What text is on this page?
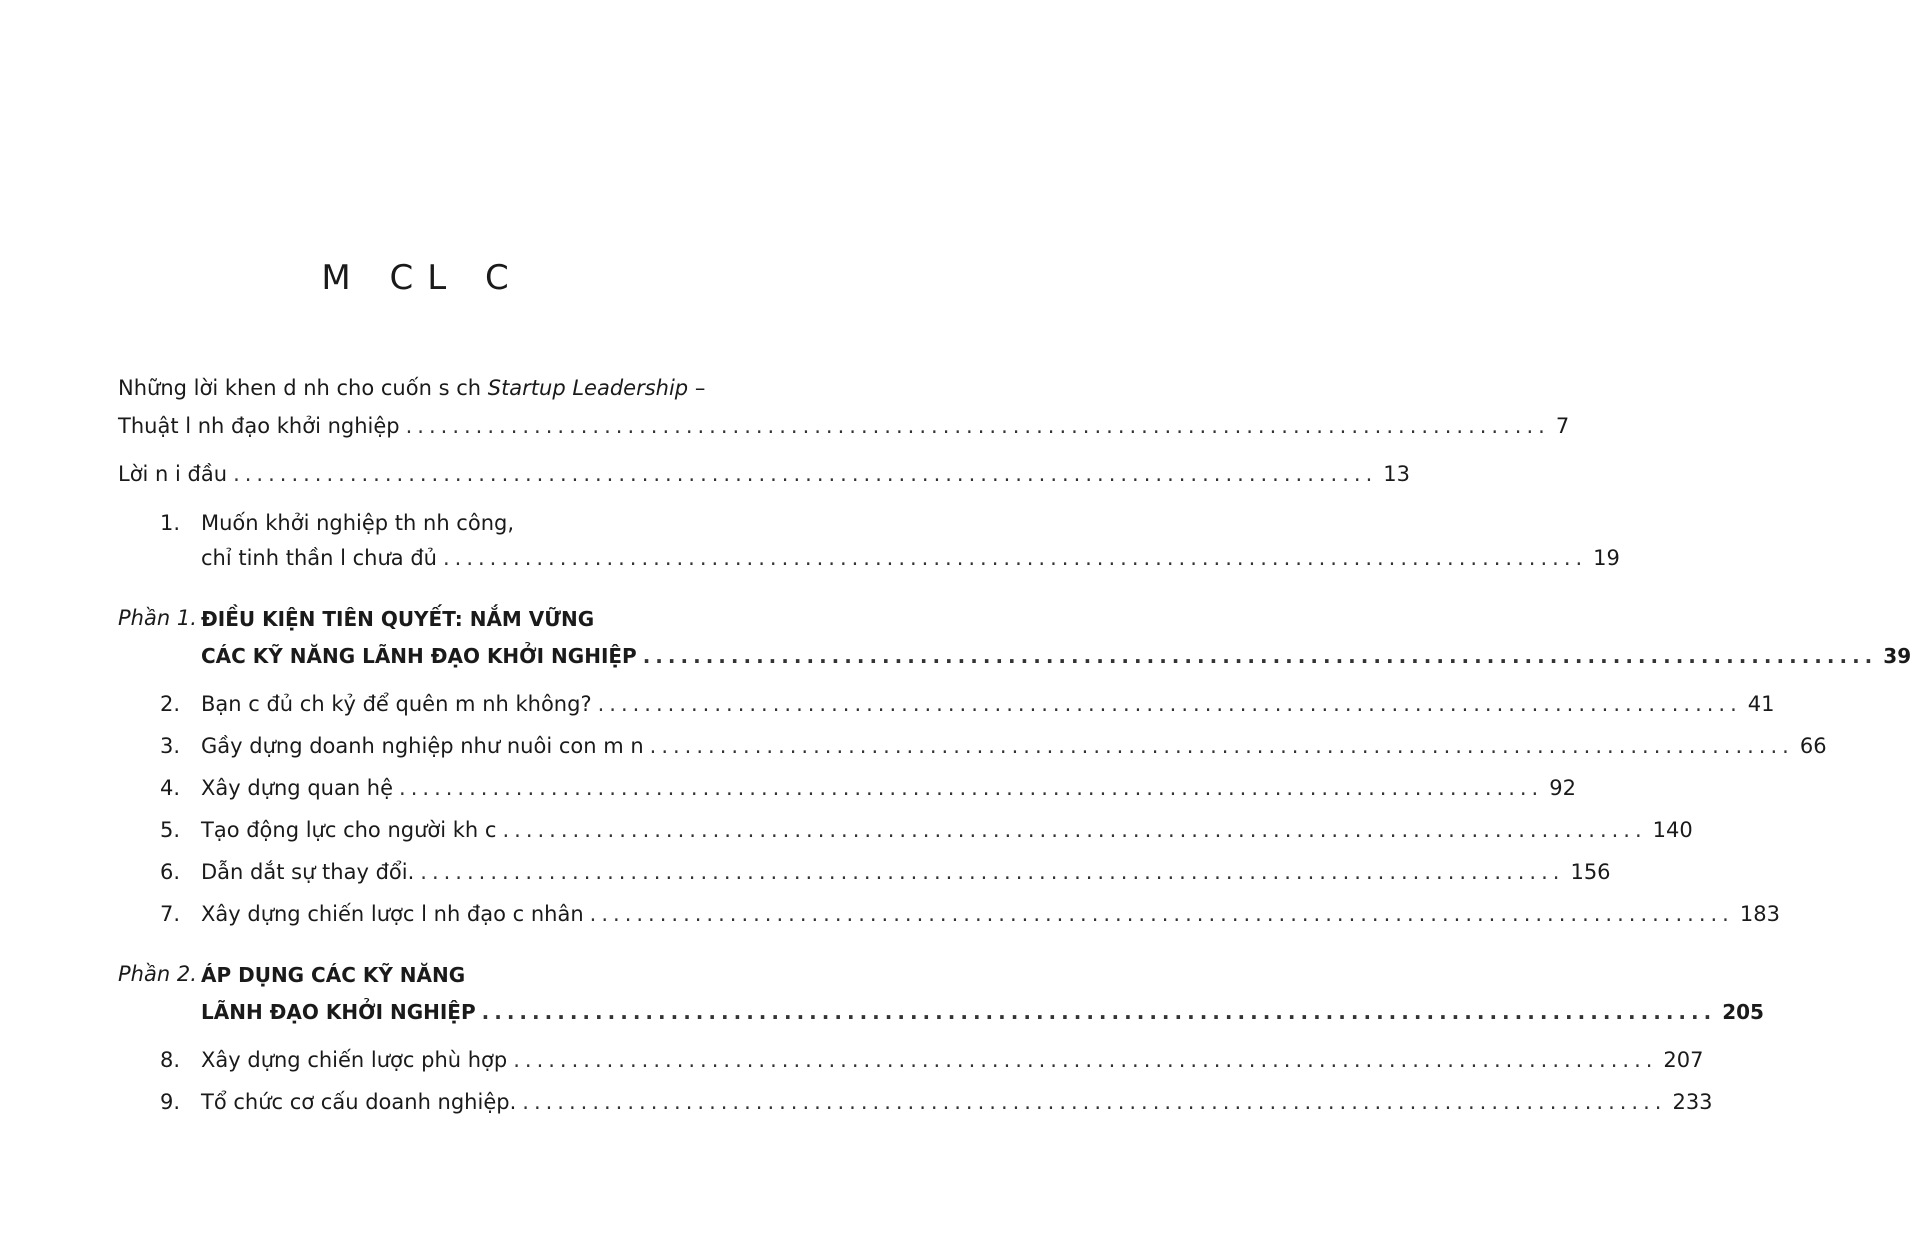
M CL C
Những lời khen d nh cho cuốn s ch Startup Leadership –
Thuật l nh đạo khởi nghiệp .................................................................................................. 7
Lời n i đầu .................................................................................................. 13
1. Muốn khởi nghiệp th nh công,
chỉ tinh thần l chưa đủ .................................................................................................. 19
Phần 1. ĐIỀU KIỆN TIÊN QUYẾT: NẮM VỮNG
CÁC KỸ NĂNG LÃNH ĐẠO KHỞI NGHIỆP .................................................................................................. 39
2. Bạn c đủ ch kỷ để quên m nh không? .................................................................................................. 41
3. Gầy dựng doanh nghiệp như nuôi con m n .................................................................................................. 66
4. Xây dựng quan hệ .................................................................................................. 92
5. Tạo động lực cho người kh c .................................................................................................. 140
6. Dẫn dắt sự thay đổi. .................................................................................................. 156
7. Xây dựng chiến lược l nh đạo c nhân .................................................................................................. 183
Phần 2. ÁP DỤNG CÁC KỸ NĂNG
LÃNH ĐẠO KHỞI NGHIỆP .................................................................................................. 205
8. Xây dựng chiến lược phù hợp .................................................................................................. 207
9. Tổ chức cơ cấu doanh nghiệp. .................................................................................................. 233
